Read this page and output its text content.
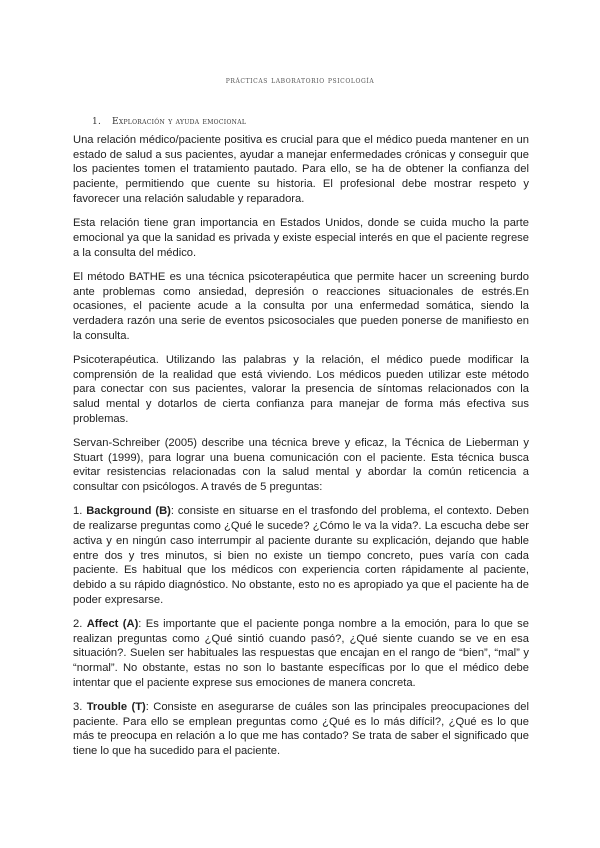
prácticas laboratorio psicología
1. Exploración y ayuda emocional

Una relación médico/paciente positiva es crucial para que el médico pueda mantener en un estado de salud a sus pacientes, ayudar a manejar enfermedades crónicas y conseguir que los pacientes tomen el tratamiento pautado. Para ello, se ha de obtener la confianza del paciente, permitiendo que cuente su historia. El profesional debe mostrar respeto y favorecer una relación saludable y reparadora.

Esta relación tiene gran importancia en Estados Unidos, donde se cuida mucho la parte emocional ya que la sanidad es privada y existe especial interés en que el paciente regrese a la consulta del médico.

El método BATHE es una técnica psicoterapéutica que permite hacer un screening burdo ante problemas como ansiedad, depresión o reacciones situacionales de estrés.En ocasiones, el paciente acude a la consulta por una enfermedad somática, siendo la verdadera razón una serie de eventos psicosociales que pueden ponerse de manifiesto en la consulta.

Psicoterapéutica. Utilizando las palabras y la relación, el médico puede modificar la comprensión de la realidad que está viviendo. Los médicos pueden utilizar este método para conectar con sus pacientes, valorar la presencia de síntomas relacionados con la salud mental y dotarlos de cierta confianza para manejar de forma más efectiva sus problemas.

Servan-Schreiber (2005) describe una técnica breve y eficaz, la Técnica de Lieberman y Stuart (1999), para lograr una buena comunicación con el paciente. Esta técnica busca evitar resistencias relacionadas con la salud mental y abordar la común reticencia a consultar con psicólogos. A través de 5 preguntas:

1. Background (B): consiste en situarse en el trasfondo del problema, el contexto. Deben de realizarse preguntas como ¿Qué le sucede? ¿Cómo le va la vida?. La escucha debe ser activa y en ningún caso interrumpir al paciente durante su explicación, dejando que hable entre dos y tres minutos, si bien no existe un tiempo concreto, pues varía con cada paciente. Es habitual que los médicos con experiencia corten rápidamente al paciente, debido a su rápido diagnóstico. No obstante, esto no es apropiado ya que el paciente ha de poder expresarse.

2. Affect (A): Es importante que el paciente ponga nombre a la emoción, para lo que se realizan preguntas como ¿Qué sintió cuando pasó?, ¿Qué siente cuando se ve en esa situación?. Suelen ser habituales las respuestas que encajan en el rango de “bien”, “mal” y “normal”. No obstante, estas no son lo bastante específicas por lo que el médico debe intentar que el paciente exprese sus emociones de manera concreta.

3. Trouble (T): Consiste en asegurarse de cuáles son las principales preocupaciones del paciente. Para ello se emplean preguntas como ¿Qué es lo más difícil?, ¿Qué es lo que más te preocupa en relación a lo que me has contado? Se trata de saber el significado que tiene lo que ha sucedido para el paciente.
